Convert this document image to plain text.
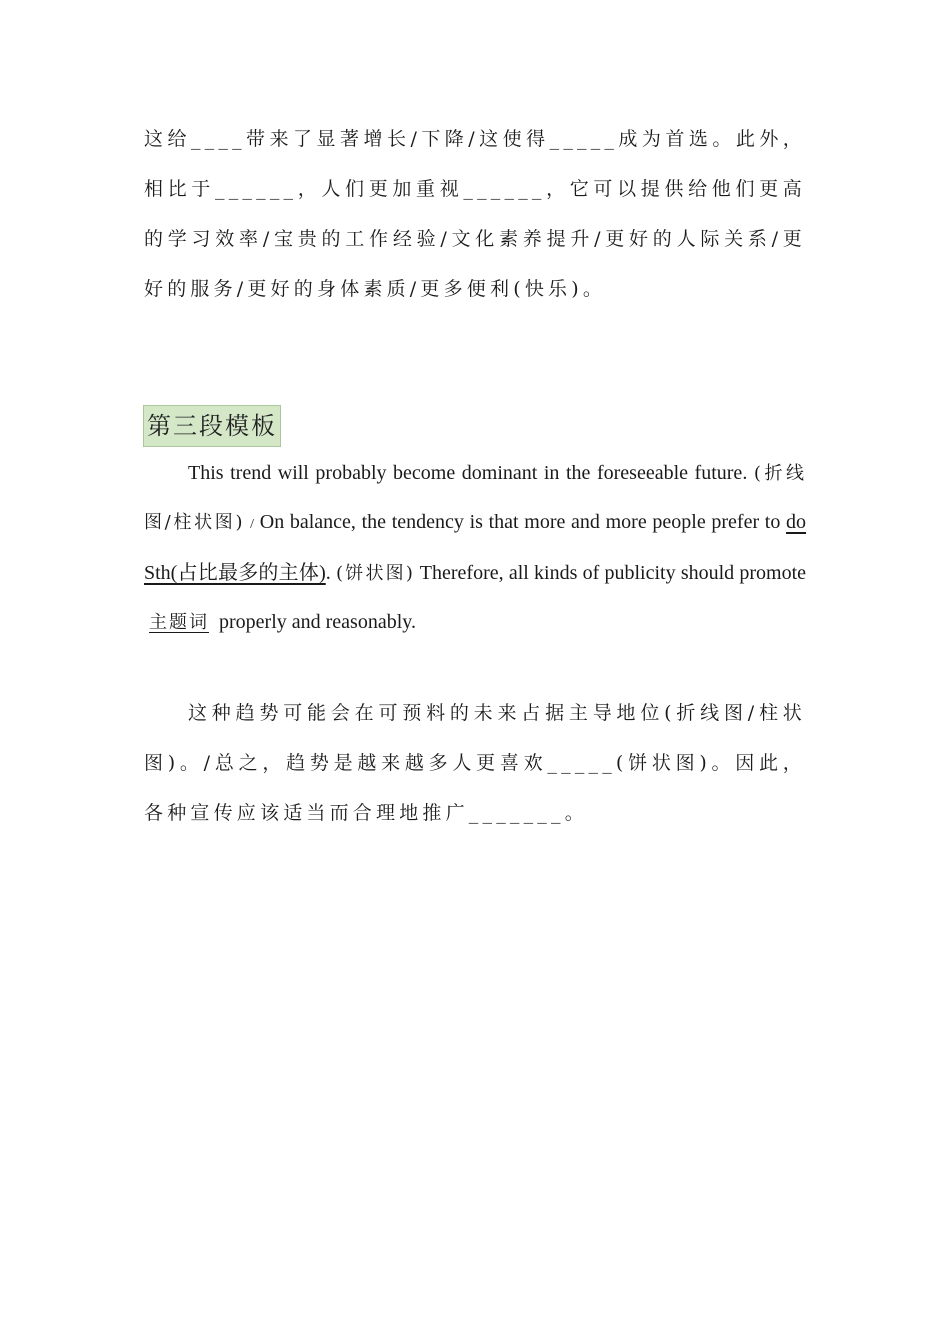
这给____带来了显著增长/下降/这使得_____成为首选。此外，相比于______，人们更加重视______，它可以提供给他们更高的学习效率/宝贵的工作经验/文化素养提升/更好的人际关系/更好的服务/更好的身体素质/更多便利(快乐)。

第三段模板

This trend will probably become dominant in the foreseeable future. (折线图/柱状图) / On balance, the tendency is that more and more people prefer to do Sth(占比最多的主体). (饼状图) Therefore, all kinds of publicity should promote  主题词 properly and reasonably.

这种趋势可能会在可预料的未来占据主导地位(折线图/柱状图)。/总之，趋势是越来越多人更喜欢_____(饼状图)。因此，各种宣传应该适当而合理地推广_______。
